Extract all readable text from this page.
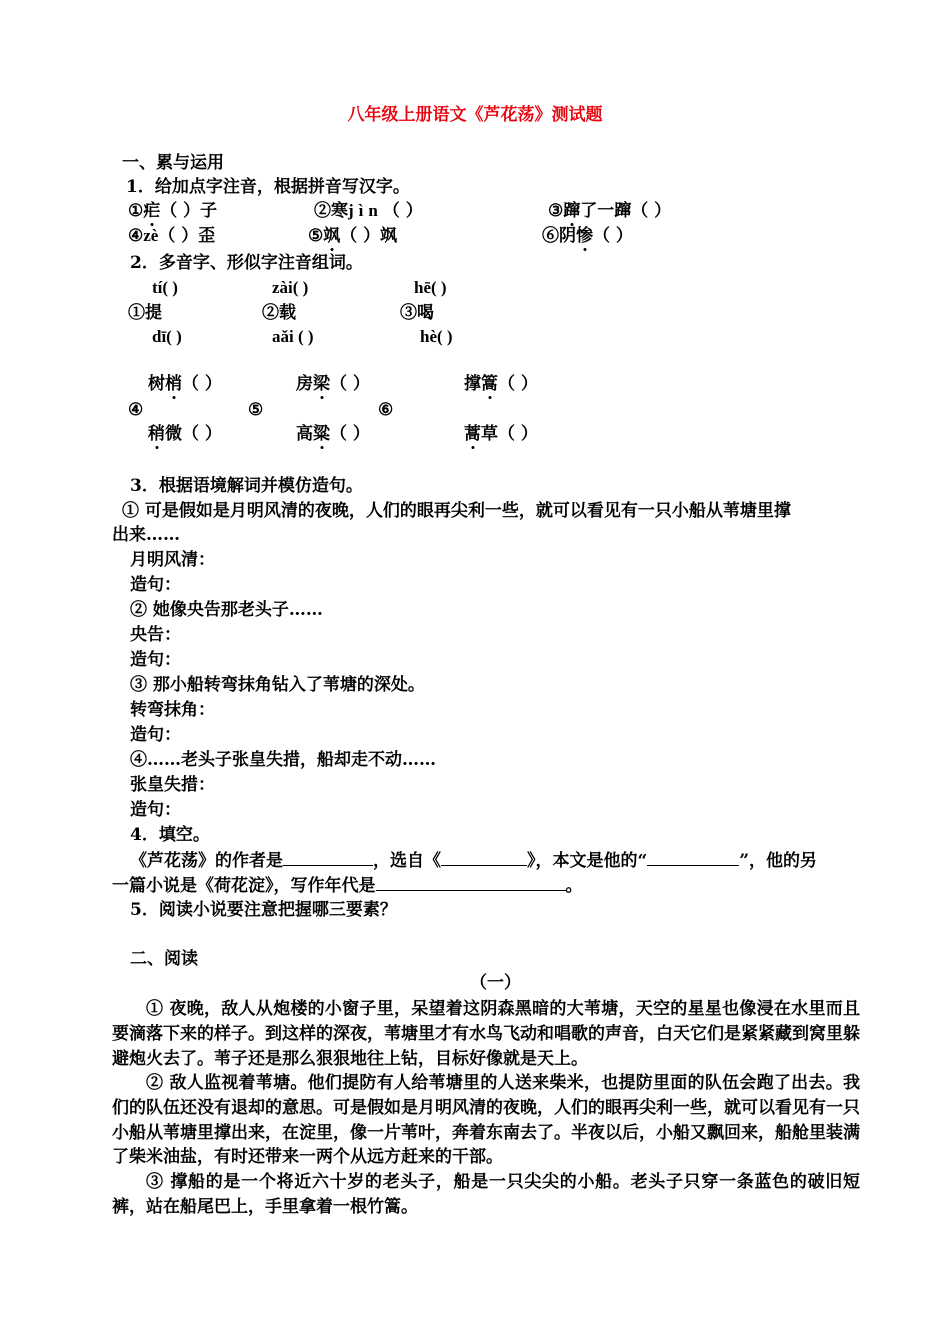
八年级上册语文《芦花荡》测试题
一、累与运用
1．给加点字注音，根据拼音写汉字。
①疟（ ）子	②寒jìn（ ）	③蹿了一蹿（ ）
④zè（ ）歪	⑤飒（ ）飒	⑥阴惨（ ）
2．多音字、形似字注音组词。
tí( )	zài( )	hē( )
①提	②载	③喝
dī( )	aǎi ( )	hè( )
树梢（ ）	房梁（ ）	撑篙（ ）
④	⑤	⑥
稍微（ ）	高粱（ ）	蒿草（ ）
3．根据语境解词并模仿造句。
① 可是假如是月明风清的夜晚，人们的眼再尖利一些，就可以看见有一只小船从苇塘里撑
出来……
月明风清：
造句：
② 她像央告那老头子……
央告：
造句：
③ 那小船转弯抹角钻入了苇塘的深处。
转弯抹角：
造句：
④……老头子张皇失措，船却走不动……
张皇失措：
造句：
4．填空。
《芦花荡》的作者是	，选自《	》，本文是他的“	”，他的另
一篇小说是《荷花淀》，写作年代是	。
5．阅读小说要注意把握哪三要素？
二、阅读
（一）
① 夜晚，敌人从炮楼的小窗子里，呆望着这阴森黑暗的大苇塘，天空的星星也像浸在水里而且要滴落下来的样子。到这样的深夜，苇塘里才有水鸟飞动和唱歌的声音，白天它们是紧紧藏到窝里躲避炮火去了。苇子还是那么狠狠地往上钻，目标好像就是天上。
② 敌人监视着苇塘。他们提防有人给苇塘里的人送来柴米，也提防里面的队伍会跑了出去。我们的队伍还没有退却的意思。可是假如是月明风清的夜晚，人们的眼再尖利一些，就可以看见有一只小船从苇塘里撑出来，在淀里，像一片苇叶，奔着东南去了。半夜以后，小船又飘回来，船舱里装满了柴米油盐，有时还带来一两个从远方赶来的干部。
③ 撑船的是一个将近六十岁的老头子，船是一只尖尖的小船。老头子只穿一条蓝色的破旧短裤，站在船尾巴上，手里拿着一根竹篙。
